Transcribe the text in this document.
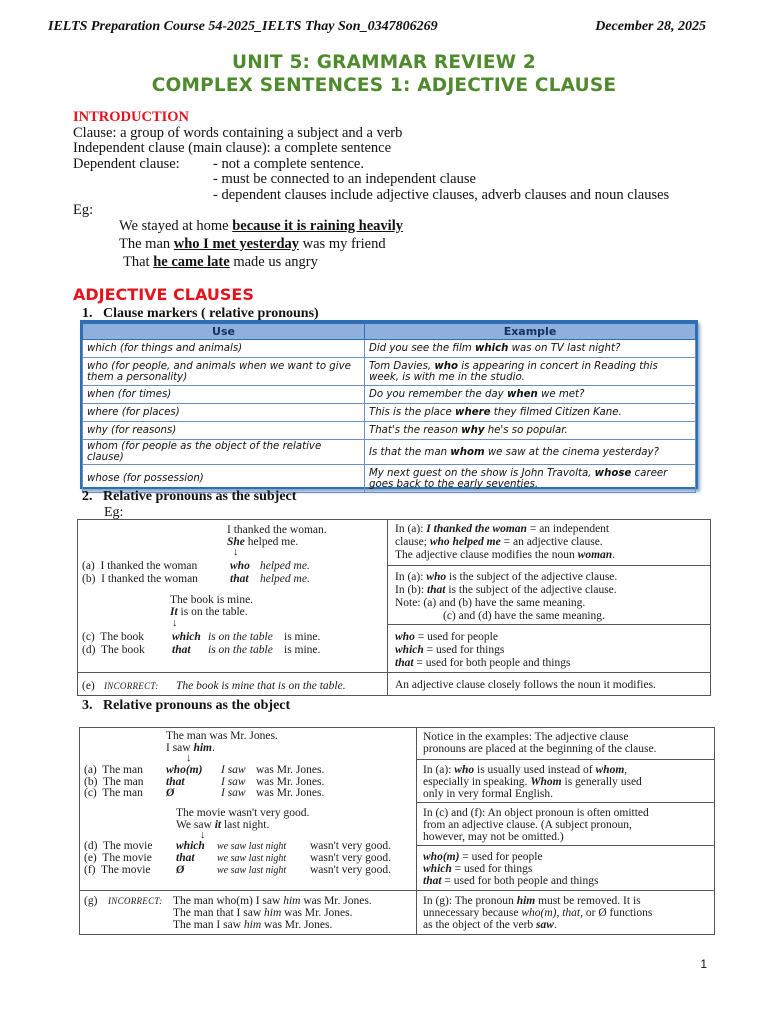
IELTS Preparation Course 54-2025_IELTS Thay Son_0347806269	December 28, 2025
UNIT 5: GRAMMAR REVIEW 2
COMPLEX SENTENCES 1: ADJECTIVE CLAUSE
INTRODUCTION
Clause: a group of words containing a subject and a verb
Independent clause (main clause): a complete sentence
Dependent clause: - not a complete sentence.
- must be connected to an independent clause
- dependent clauses include adjective clauses, adverb clauses and noun clauses
Eg:
We stayed at home because it is raining heavily
The man who I met yesterday was my friend
That he came late made us angry
ADJECTIVE CLAUSES
1.   Clause markers ( relative pronouns)
Use	Example
which (for things and animals)	Did you see the film which was on TV last night?
who (for people, and animals when we want to give them a personality)	Tom Davies, who is appearing in concert in Reading this week, is with me in the studio.
when (for times)	Do you remember the day when we met?
where (for places)	This is the place where they filmed Citizen Kane.
why (for reasons)	That's the reason why he's so popular.
whom (for people as the object of the relative clause)	Is that the man whom we saw at the cinema yesterday?
whose (for possession)	My next guest on the show is John Travolta, whose career goes back to the early seventies.
2.   Relative pronouns as the subject
Eg:
I thanked the woman.
She helped me.
↓
(a)  I thanked the woman	who helped me.
(b)  I thanked the woman	that helped me.
The book is mine.
It is on the table.
↓
(c)  The book which is on the table is mine.
(d)  The book that is on the table is mine.
(e) INCORRECT: The book is mine that is on the table.
In (a): I thanked the woman = an independent
clause; who helped me = an adjective clause.
The adjective clause modifies the noun woman.
In (a): who is the subject of the adjective clause.
In (b): that is the subject of the adjective clause.
Note: (a) and (b) have the same meaning.
(c) and (d) have the same meaning.
who = used for people
which = used for things
that = used for both people and things
An adjective clause closely follows the noun it modifies.
3.   Relative pronouns as the object
The man was Mr. Jones.
I saw him.
↓
(a)  The man who(m) I saw was Mr. Jones.
(b)  The man that	I saw was Mr. Jones.
(c)  The man Ø	I saw was Mr. Jones.
The movie wasn't very good.
We saw it last night.
↓
(d)  The movie which we saw last night wasn't very good.
(e)  The movie that we saw last night wasn't very good.
(f)  The movie Ø	we saw last night wasn't very good.
(g) INCORRECT: The man who(m) I saw him was Mr. Jones.
The man that I saw him was Mr. Jones.
The man I saw him was Mr. Jones.
Notice in the examples: The adjective clause
pronouns are placed at the beginning of the clause.
In (a): who is usually used instead of whom,
especially in speaking. Whom is generally used
only in very formal English.
In (c) and (f): An object pronoun is often omitted
from an adjective clause. (A subject pronoun,
however, may not be omitted.)
who(m) = used for people
which = used for things
that = used for both people and things
In (g): The pronoun him must be removed. It is
unnecessary because who(m), that, or Ø functions
as the object of the verb saw.
1
